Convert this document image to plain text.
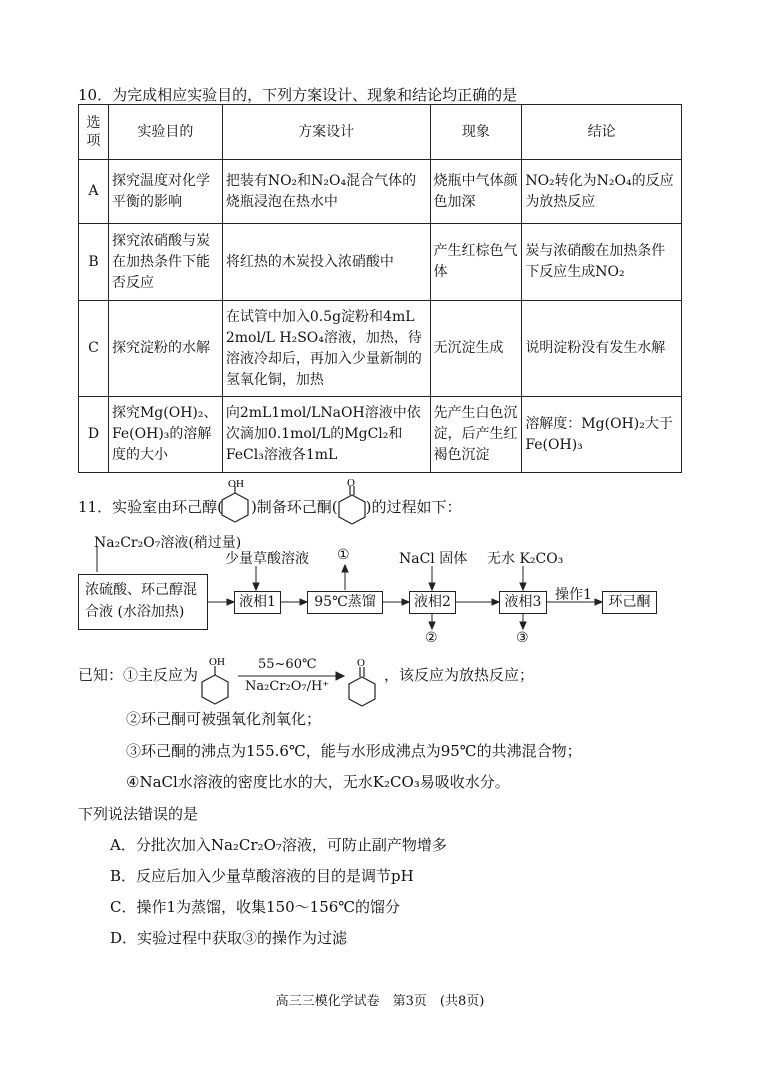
10．为完成相应实验目的，下列方案设计、现象和结论均正确的是
选
项	实验目的	方案设计	现象	结论
A	探究温度对化学平衡的影响	把装有NO₂和N₂O₄混合气体的烧瓶浸泡在热水中	烧瓶中气体颜色加深	NO₂转化为N₂O₄的反应为放热反应
B	探究浓硝酸与炭在加热条件下能否反应	将红热的木炭投入浓硝酸中	产生红棕色气体	炭与浓硝酸在加热条件下反应生成NO₂
C	探究淀粉的水解	在试管中加入0.5g淀粉和4mL 2mol/L H₂SO₄溶液，加热，待溶液冷却后，再加入少量新制的氢氧化铜，加热	无沉淀生成	说明淀粉没有发生水解
D	探究Mg(OH)₂、Fe(OH)₃的溶解度的大小	向2mL1mol/LNaOH溶液中依次滴加0.1mol/L的MgCl₂和FeCl₃溶液各1mL	先产生白色沉淀，后产生红褐色沉淀	溶解度：Mg(OH)₂大于Fe(OH)₃
11．实验室由环己醇( )制备环己酮( )的过程如下：
OH	O
OH	O
Na₂Cr₂O₇溶液(稍过量)
少量草酸溶液 ①	NaCl 固体 无水 K₂CO₃
操作1
浓硫酸、环己醇混合液 (水浴加热)
液相1	95℃蒸馏	液相2	液相3	环己酮
②	③
已知：①主反应为
55~60℃
Na₂Cr₂O₇/H⁺
，该反应为放热反应；
②环己酮可被强氧化剂氧化；
③环己酮的沸点为155.6℃，能与水形成沸点为95℃的共沸混合物；
④NaCl水溶液的密度比水的大，无水K₂CO₃易吸收水分。
下列说法错误的是
A．分批次加入Na₂Cr₂O₇溶液，可防止副产物增多
B．反应后加入少量草酸溶液的目的是调节pH
C．操作1为蒸馏，收集150～156℃的馏分
D．实验过程中获取③的操作为过滤
高三三模化学试卷　第3页　(共8页)
